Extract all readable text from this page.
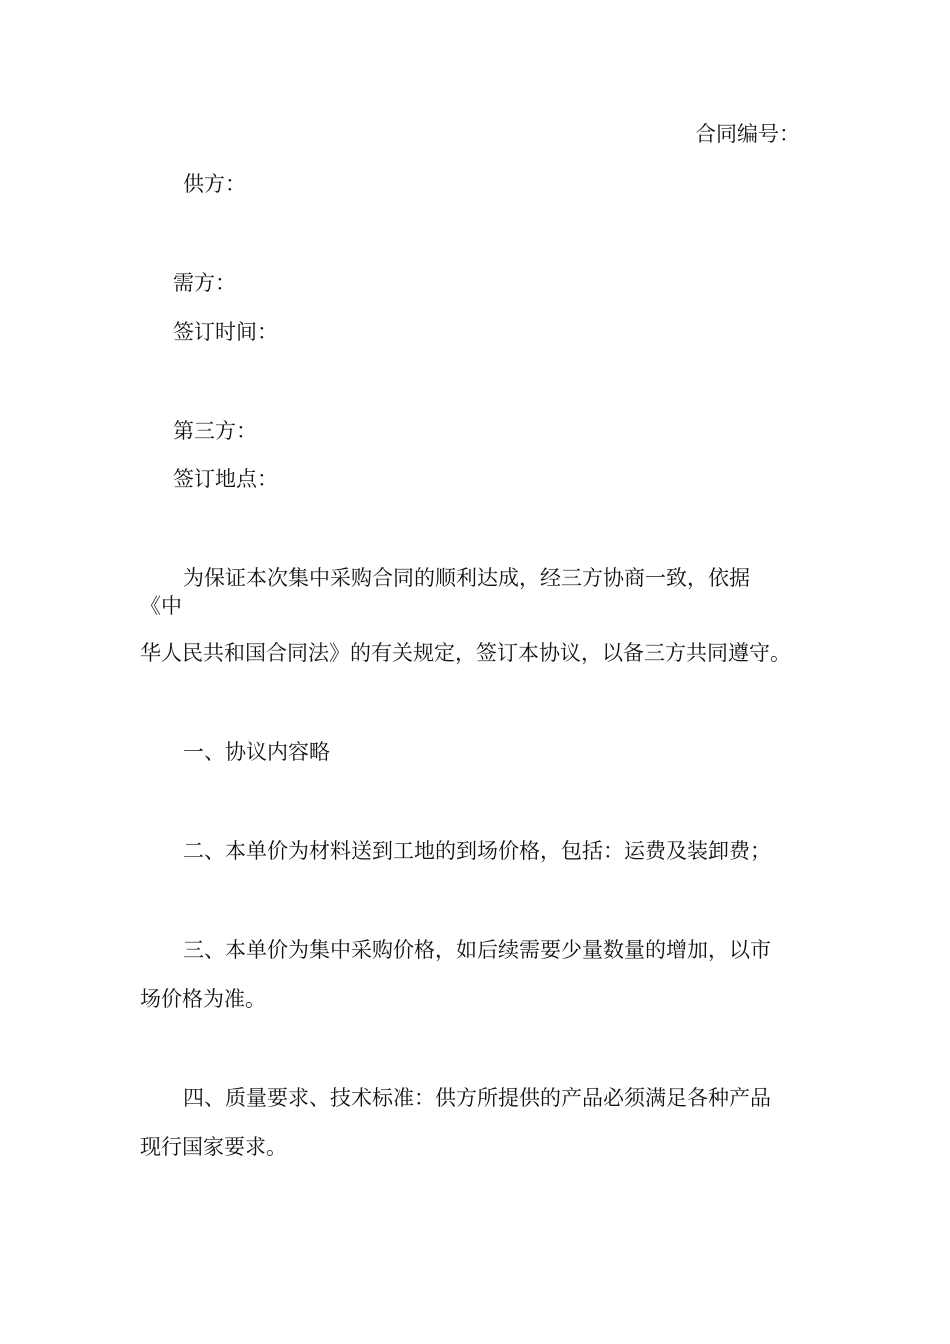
合同编号：
供方：
需方：
签订时间：
第三方：
签订地点：
为保证本次集中采购合同的顺利达成，经三方协商一致，依据
《中
华人民共和国合同法》的有关规定，签订本协议，以备三方共同遵守。
一、协议内容略
二、本单价为材料送到工地的到场价格，包括：运费及装卸费；
三、本单价为集中采购价格，如后续需要少量数量的增加，以市
场价格为准。
四、质量要求、技术标准：供方所提供的产品必须满足各种产品
现行国家要求。
